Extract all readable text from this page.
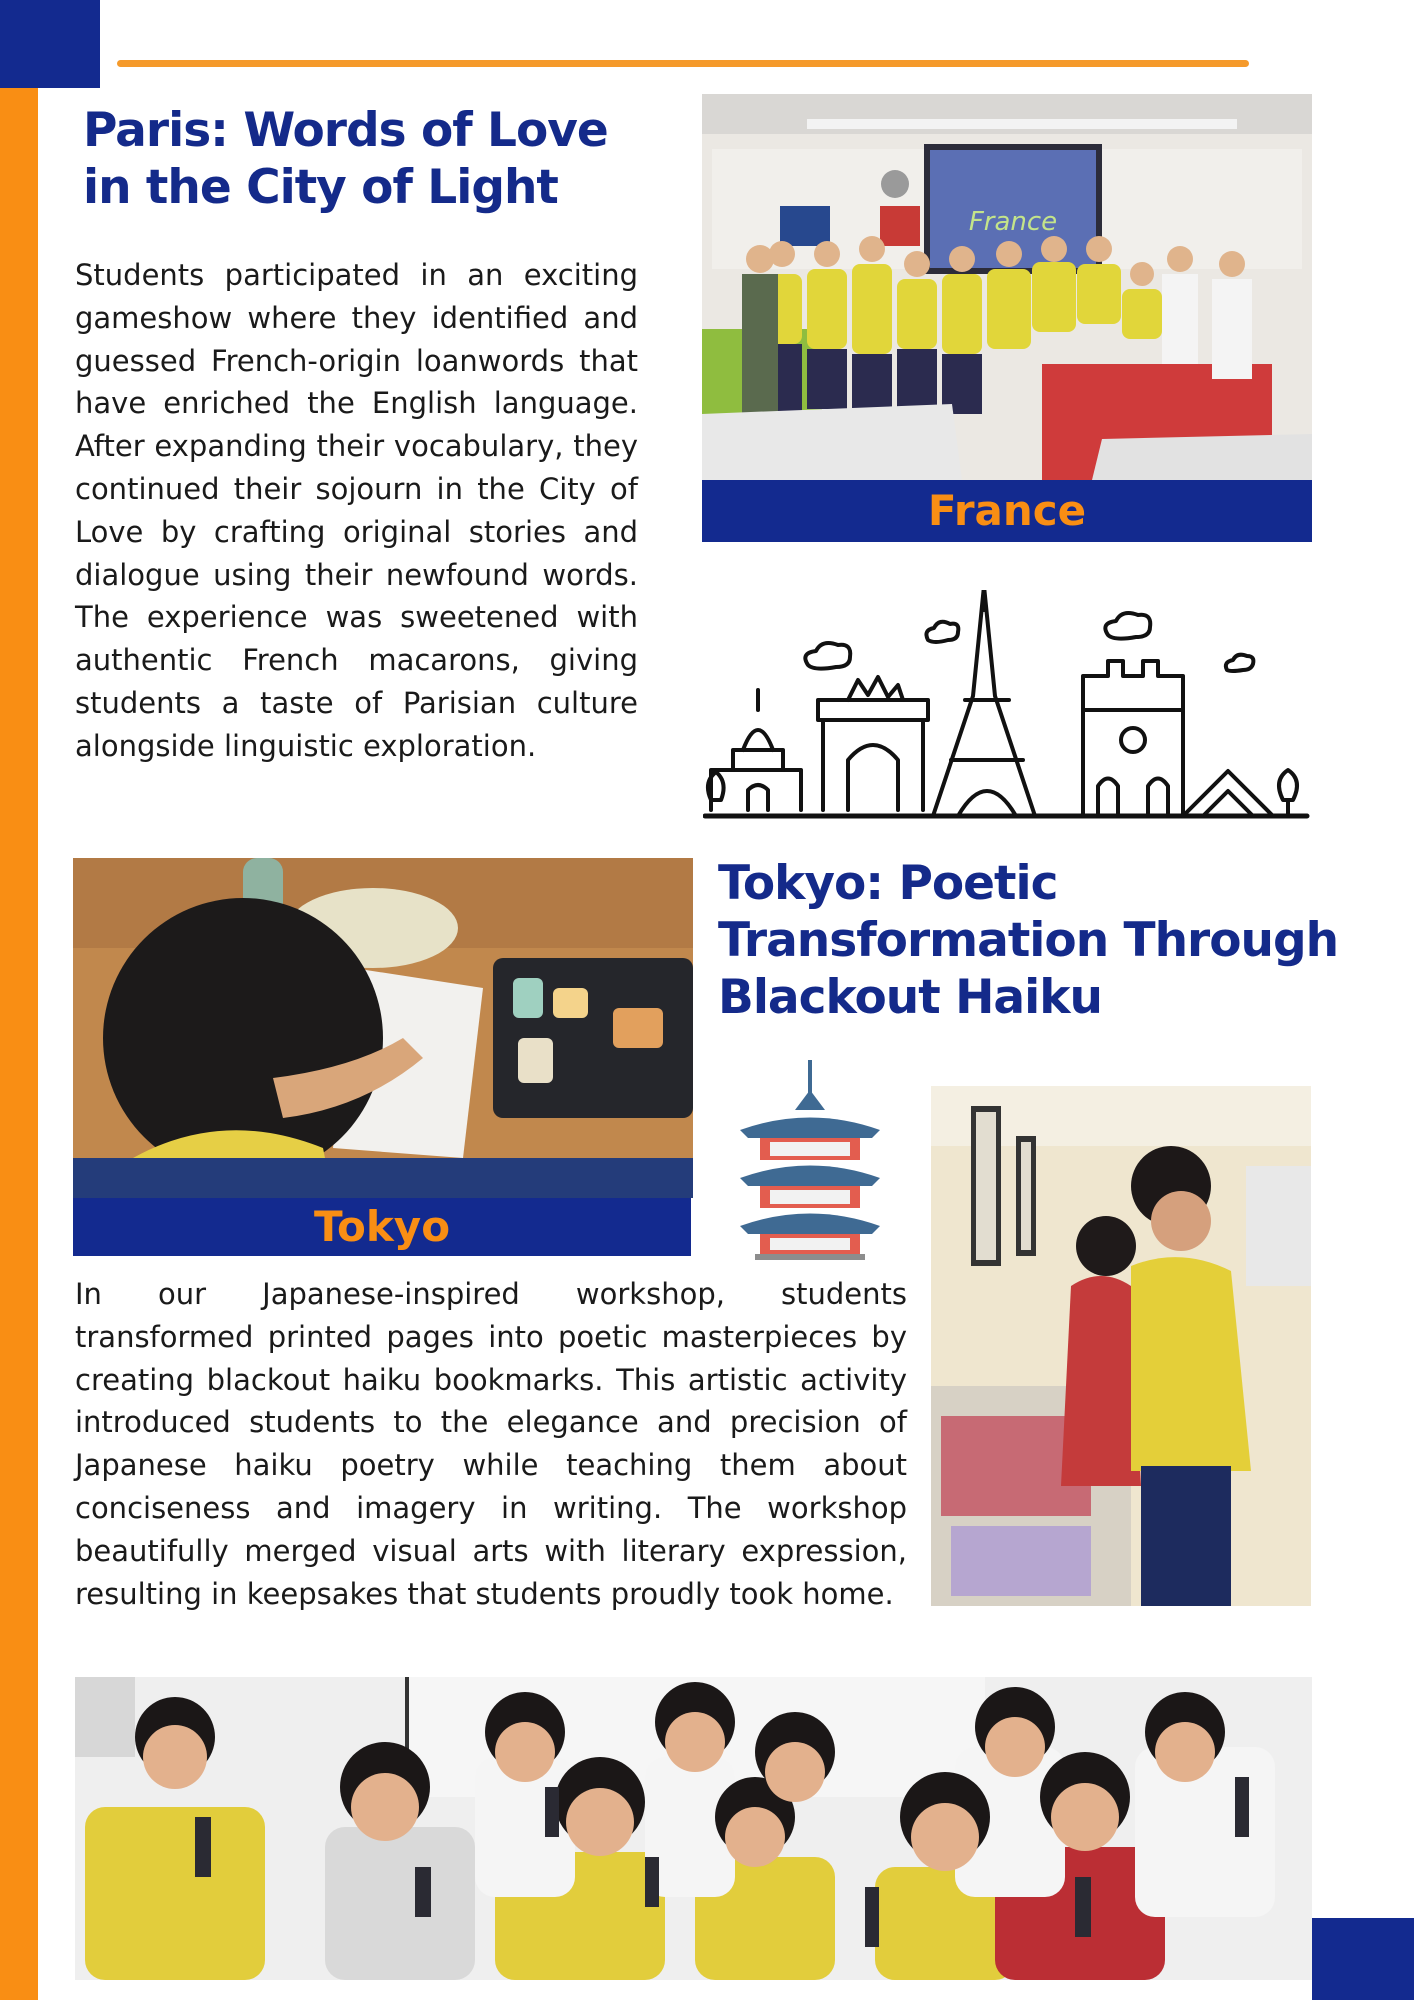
Paris: Words of Love in the City of Light

Students participated in an exciting gameshow where they identified and guessed French-origin loanwords that have enriched the English language. After expanding their vocabulary, they continued their sojourn in the City of Love by crafting original stories and dialogue using their newfound words. The experience was sweetened with authentic French macarons, giving students a taste of Parisian culture alongside linguistic exploration.

France
France
Tokyo
Tokyo: Poetic Transformation Through Blackout Haiku

In our Japanese-inspired workshop, students transformed printed pages into poetic masterpieces by creating blackout haiku bookmarks. This artistic activity introduced students to the elegance and precision of Japanese haiku poetry while teaching them about conciseness and imagery in writing. The workshop beautifully merged visual arts with literary expression, resulting in keepsakes that students proudly took home.
